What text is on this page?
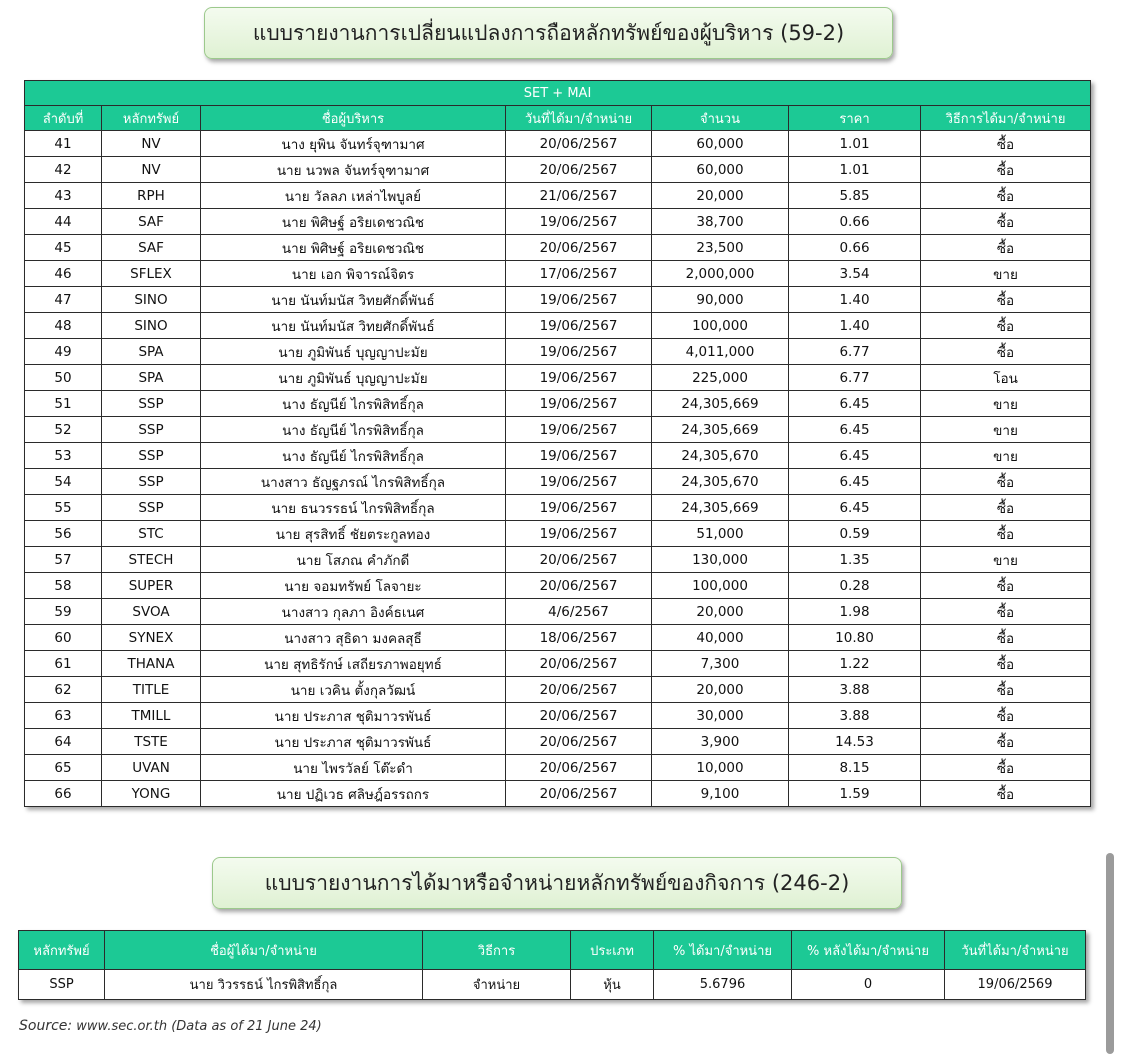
แบบรายงานการเปลี่ยนแปลงการถือหลักทรัพย์ของผู้บริหาร (59-2)
SET + MAI						
ลำดับที่	หลักทรัพย์	ชื่อผู้บริหาร	วันที่ได้มา/จำหน่าย	จำนวน	ราคา	วิธีการได้มา/จำหน่าย
41	NV	นาง ยุพิน จันทร์จุฑามาศ	20/06/2567	60,000	1.01	ซื้อ
42	NV	นาย นวพล จันทร์จุฑามาศ	20/06/2567	60,000	1.01	ซื้อ
43	RPH	นาย วัลลภ เหล่าไพบูลย์	21/06/2567	20,000	5.85	ซื้อ
44	SAF	นาย พิศิษฐ์ อริยเดชวณิช	19/06/2567	38,700	0.66	ซื้อ
45	SAF	นาย พิศิษฐ์ อริยเดชวณิช	20/06/2567	23,500	0.66	ซื้อ
46	SFLEX	นาย เอก พิจารณ์จิตร	17/06/2567	2,000,000	3.54	ขาย
47	SINO	นาย นันท์มนัส วิทยศักดิ์พันธ์	19/06/2567	90,000	1.40	ซื้อ
48	SINO	นาย นันท์มนัส วิทยศักดิ์พันธ์	19/06/2567	100,000	1.40	ซื้อ
49	SPA	นาย ภูมิพันธ์ บุญญาปะมัย	19/06/2567	4,011,000	6.77	ซื้อ
50	SPA	นาย ภูมิพันธ์ บุญญาปะมัย	19/06/2567	225,000	6.77	โอน
51	SSP	นาง ธัญนีย์ ไกรพิสิทธิ์กุล	19/06/2567	24,305,669	6.45	ขาย
52	SSP	นาง ธัญนีย์ ไกรพิสิทธิ์กุล	19/06/2567	24,305,669	6.45	ขาย
53	SSP	นาง ธัญนีย์ ไกรพิสิทธิ์กุล	19/06/2567	24,305,670	6.45	ขาย
54	SSP	นางสาว ธัญฐภรณ์ ไกรพิสิทธิ์กุล	19/06/2567	24,305,670	6.45	ซื้อ
55	SSP	นาย ธนวรรธน์ ไกรพิสิทธิ์กุล	19/06/2567	24,305,669	6.45	ซื้อ
56	STC	นาย สุรสิทธิ์ ชัยตระกูลทอง	19/06/2567	51,000	0.59	ซื้อ
57	STECH	นาย โสภณ คำภักดี	20/06/2567	130,000	1.35	ขาย
58	SUPER	นาย จอมทรัพย์ โลจายะ	20/06/2567	100,000	0.28	ซื้อ
59	SVOA	นางสาว กุลภา อิงค์ธเนศ	4/6/2567	20,000	1.98	ซื้อ
60	SYNEX	นางสาว สุธิดา มงคลสุธี	18/06/2567	40,000	10.80	ซื้อ
61	THANA	นาย สุทธิรักษ์ เสถียรภาพอยุทธ์	20/06/2567	7,300	1.22	ซื้อ
62	TITLE	นาย เวคิน ตั้งกุลวัฒน์	20/06/2567	20,000	3.88	ซื้อ
63	TMILL	นาย ประภาส ชุติมาวรพันธ์	20/06/2567	30,000	3.88	ซื้อ
64	TSTE	นาย ประภาส ชุติมาวรพันธ์	20/06/2567	3,900	14.53	ซื้อ
65	UVAN	นาย ไพรวัลย์ โต๊ะดำ	20/06/2567	10,000	8.15	ซื้อ
66	YONG	นาย ปฏิเวธ ศลิษฎ์อรรถกร	20/06/2567	9,100	1.59	ซื้อ
แบบรายงานการได้มาหรือจำหน่ายหลักทรัพย์ของกิจการ (246-2)
หลักทรัพย์	ชื่อผู้ได้มา/จำหน่าย	วิธีการ	ประเภท	% ได้มา/จำหน่าย	% หลังได้มา/จำหน่าย	วันที่ได้มา/จำหน่าย
SSP	นาย วิวรรธน์ ไกรพิสิทธิ์กุล	จำหน่าย	หุ้น	5.6796	0	19/06/2569
Source: www.sec.or.th (Data as of 21 June 24)
